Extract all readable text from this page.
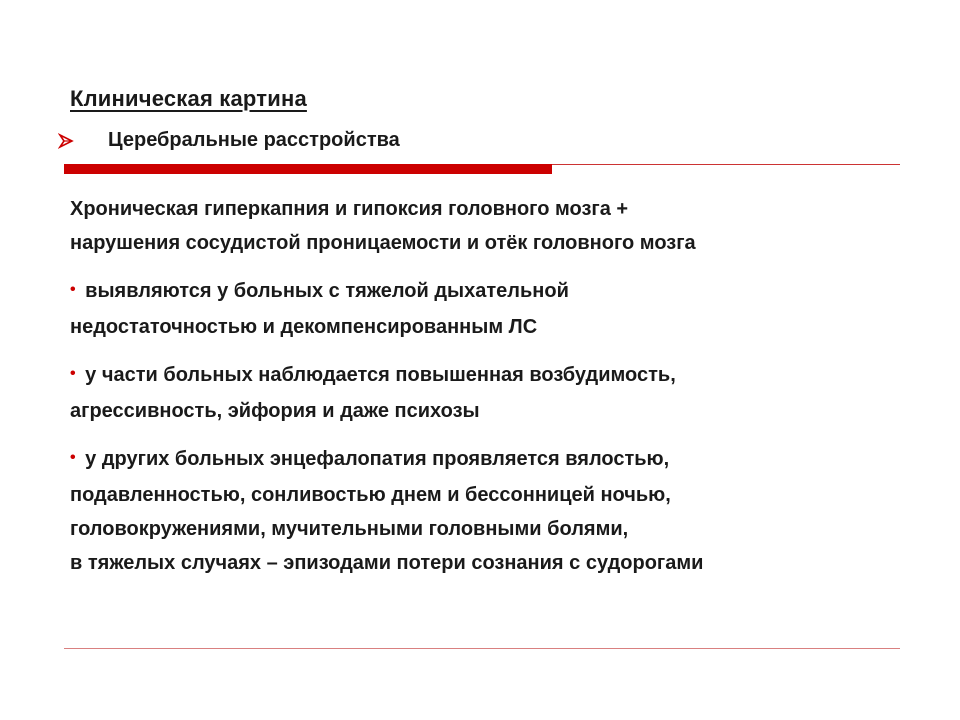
Клиническая картина
Церебральные расстройства

Хроническая гиперкапния и гипоксия головного мозга +
нарушения сосудистой проницаемости и отёк головного мозга

• выявляются у больных с тяжелой дыхательной
недостаточностью и декомпенсированным ЛС

• у части больных наблюдается повышенная возбудимость,
агрессивность, эйфория и даже психозы

• у других больных энцефалопатия проявляется вялостью,
подавленностью, сонливостью днем и бессонницей ночью,
головокружениями, мучительными головными болями,
в тяжелых случаях – эпизодами потери сознания с судорогами
